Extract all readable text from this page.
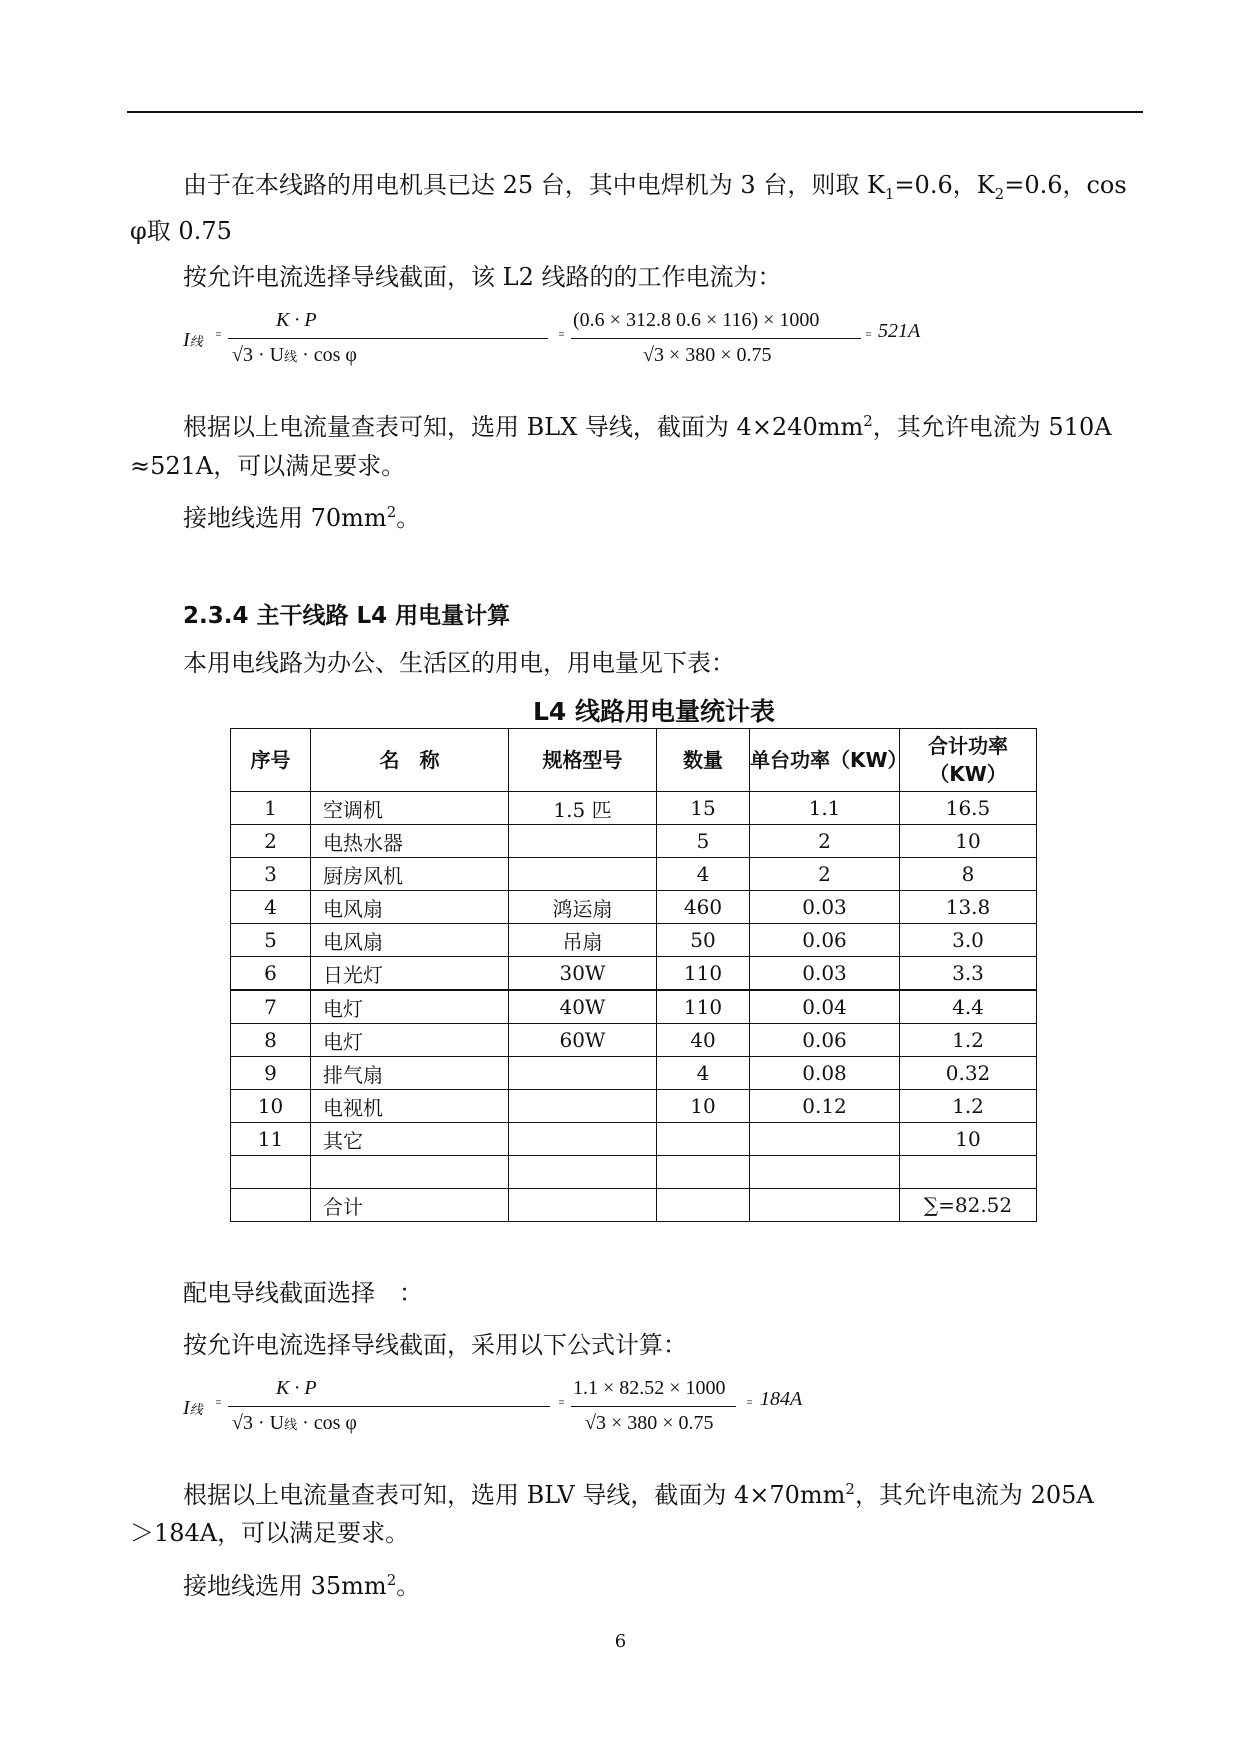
由于在本线路的用电机具已达 25 台，其中电焊机为 3 台，则取 $K_1=0.6$，$K_2=0.6$，cos
φ取 0.75
按允许电流选择导线截面，该 L2 线路的的工作电流为：
I线
﹦
K · P
√3 · U线 · cos φ
﹦
(0.6 × 312.8 0.6 × 116) × 1000
√3 × 380 × 0.75
﹦ 521A
根据以上电流量查表可知，选用 BLX 导线，截面为 $4\times 240mm^2$，其允许电流为 510A
≈521A，可以满足要求。
接地线选用 $70mm^2$。
2.3.4 主干线路 L4 用电量计算
本用电线路为办公、生活区的用电，用电量见下表：
L4 线路用电量统计表
序号	名　称	规格型号	数量	单台功率（KW）	合计功率（KW）
1	空调机	1.5 匹	15	1.1	16.5
2	电热水器		5	2	10
3	厨房风机		4	2	8
4	电风扇	鸿运扇	460	0.03	13.8
5	电风扇	吊扇	50	0.06	3.0
6	日光灯	30W	110	0.03	3.3
7	电灯	40W	110	0.04	4.4
8	电灯	60W	40	0.06	1.2
9	排气扇		4	0.08	0.32
10	电视机		10	0.12	1.2
11	其它				10

	合计				∑=82.52
配电导线截面选择　：
按允许电流选择导线截面，采用以下公式计算：
I线
﹦
K · P
√3 · U线 · cos φ
﹦
1.1 × 82.52 × 1000
√3 × 380 × 0.75
﹦ 184A
根据以上电流量查表可知，选用 BLV 导线，截面为 $4\times 70mm^2$，其允许电流为 205A
＞184A，可以满足要求。
接地线选用 $35mm^2$。
6
